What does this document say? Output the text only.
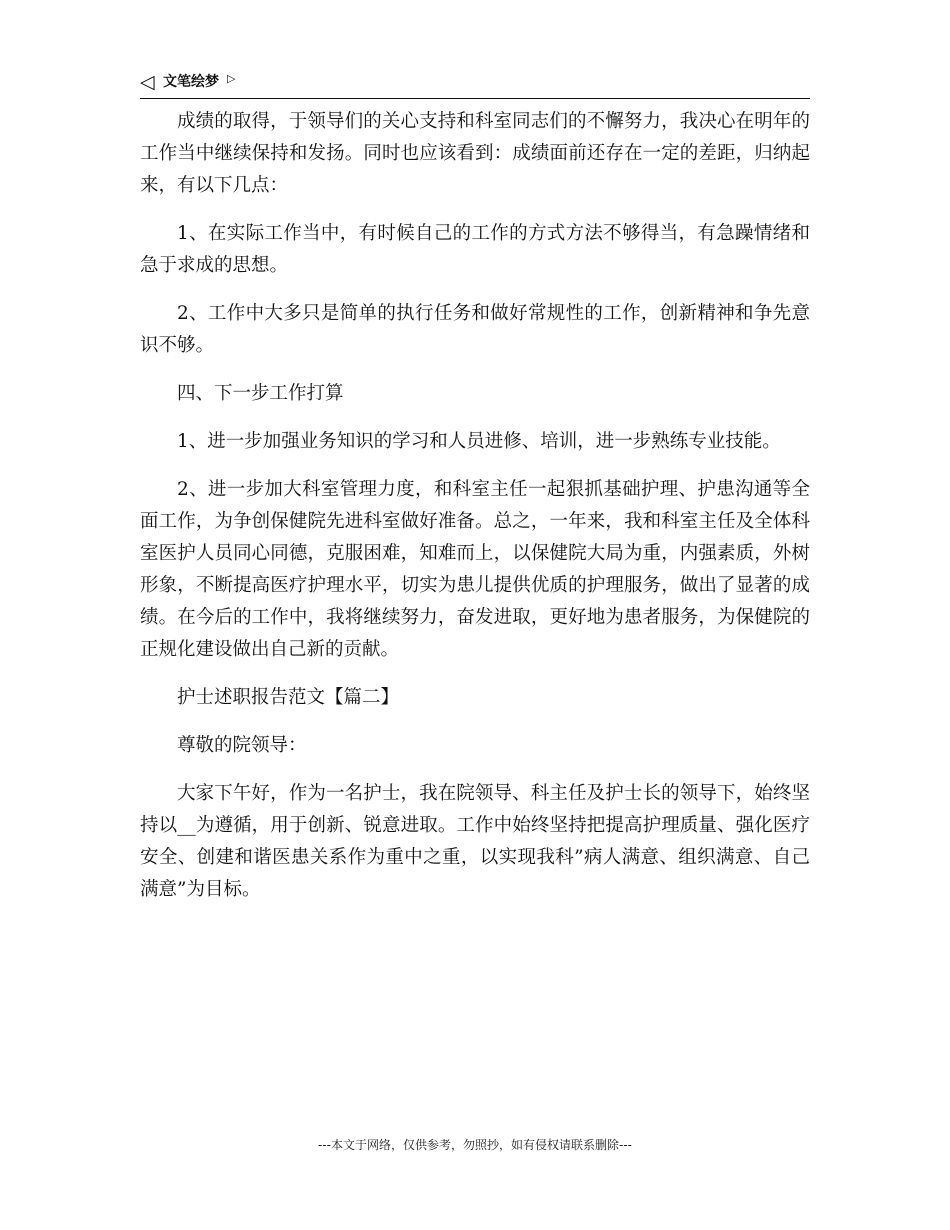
◁ 文笔绘梦 ▷

成绩的取得，于领导们的关心支持和科室同志们的不懈努力，我决心在明年的工作当中继续保持和发扬。同时也应该看到：成绩面前还存在一定的差距，归纳起来，有以下几点：

1、在实际工作当中，有时候自己的工作的方式方法不够得当，有急躁情绪和急于求成的思想。

2、工作中大多只是简单的执行任务和做好常规性的工作，创新精神和争先意识不够。

四、下一步工作打算

1、进一步加强业务知识的学习和人员进修、培训，进一步熟练专业技能。

2、进一步加大科室管理力度，和科室主任一起狠抓基础护理、护患沟通等全面工作，为争创保健院先进科室做好准备。总之，一年来，我和科室主任及全体科室医护人员同心同德，克服困难，知难而上，以保健院大局为重，内强素质，外树形象，不断提高医疗护理水平，切实为患儿提供优质的护理服务，做出了显著的成绩。在今后的工作中，我将继续努力，奋发进取，更好地为患者服务，为保健院的正规化建设做出自己新的贡献。

护士述职报告范文【篇二】

尊敬的院领导：

大家下午好，作为一名护士，我在院领导、科主任及护士长的领导下，始终坚持以__为遵循，用于创新、锐意进取。工作中始终坚持把提高护理质量、强化医疗安全、创建和谐医患关系作为重中之重，以实现我科”病人满意、组织满意、自己满意”为目标。

---本文于网络，仅供参考，勿照抄，如有侵权请联系删除---
